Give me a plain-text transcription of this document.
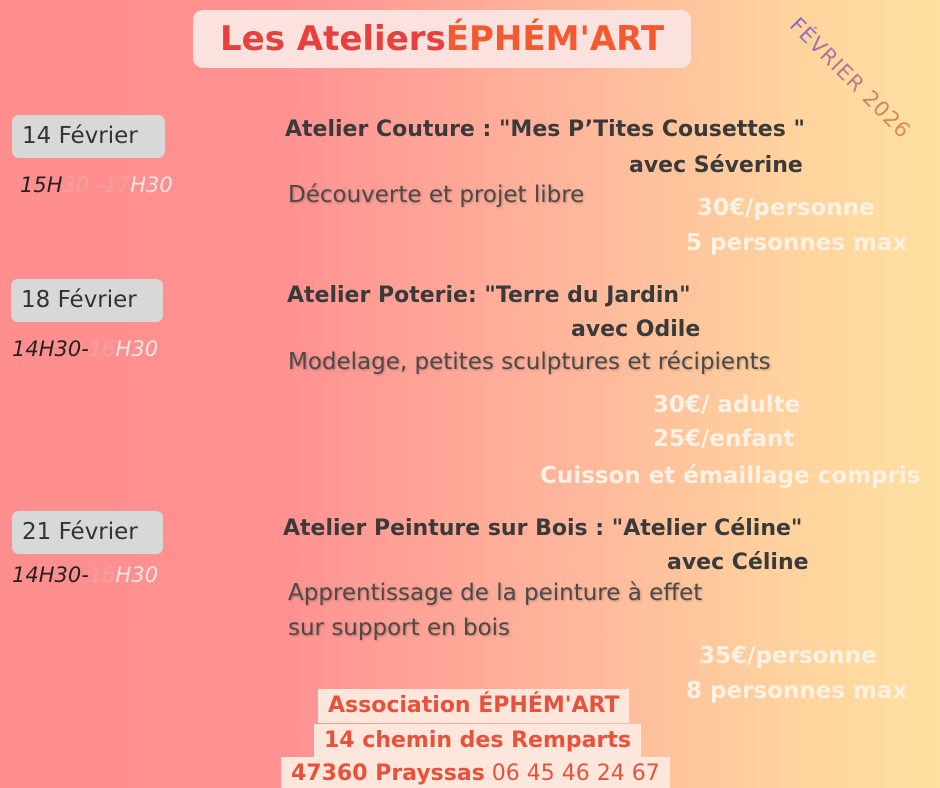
Les Ateliers ÉPHÉM'ART	FÉVRIER 2026
14 Février
15H30 -17H30
Atelier Couture : "Mes P’Tites Cousettes "
avec Séverine
Découverte et projet libre	30€/personne
5 personnes max
18 Février
14H30-16H30
Atelier Poterie: "Terre du Jardin"
avec Odile
Modelage, petites sculptures et récipients
30€/ adulte
25€/enfant
Cuisson et émaillage compris
21 Février
14H30-16H30
Atelier Peinture sur Bois : "Atelier Céline"
avec Céline
Apprentissage de la peinture à effet
sur support en bois
35€/personne
8 personnes max
Association ÉPHÉM'ART
14 chemin des Remparts
47360 Prayssas 06 45 46 24 67
